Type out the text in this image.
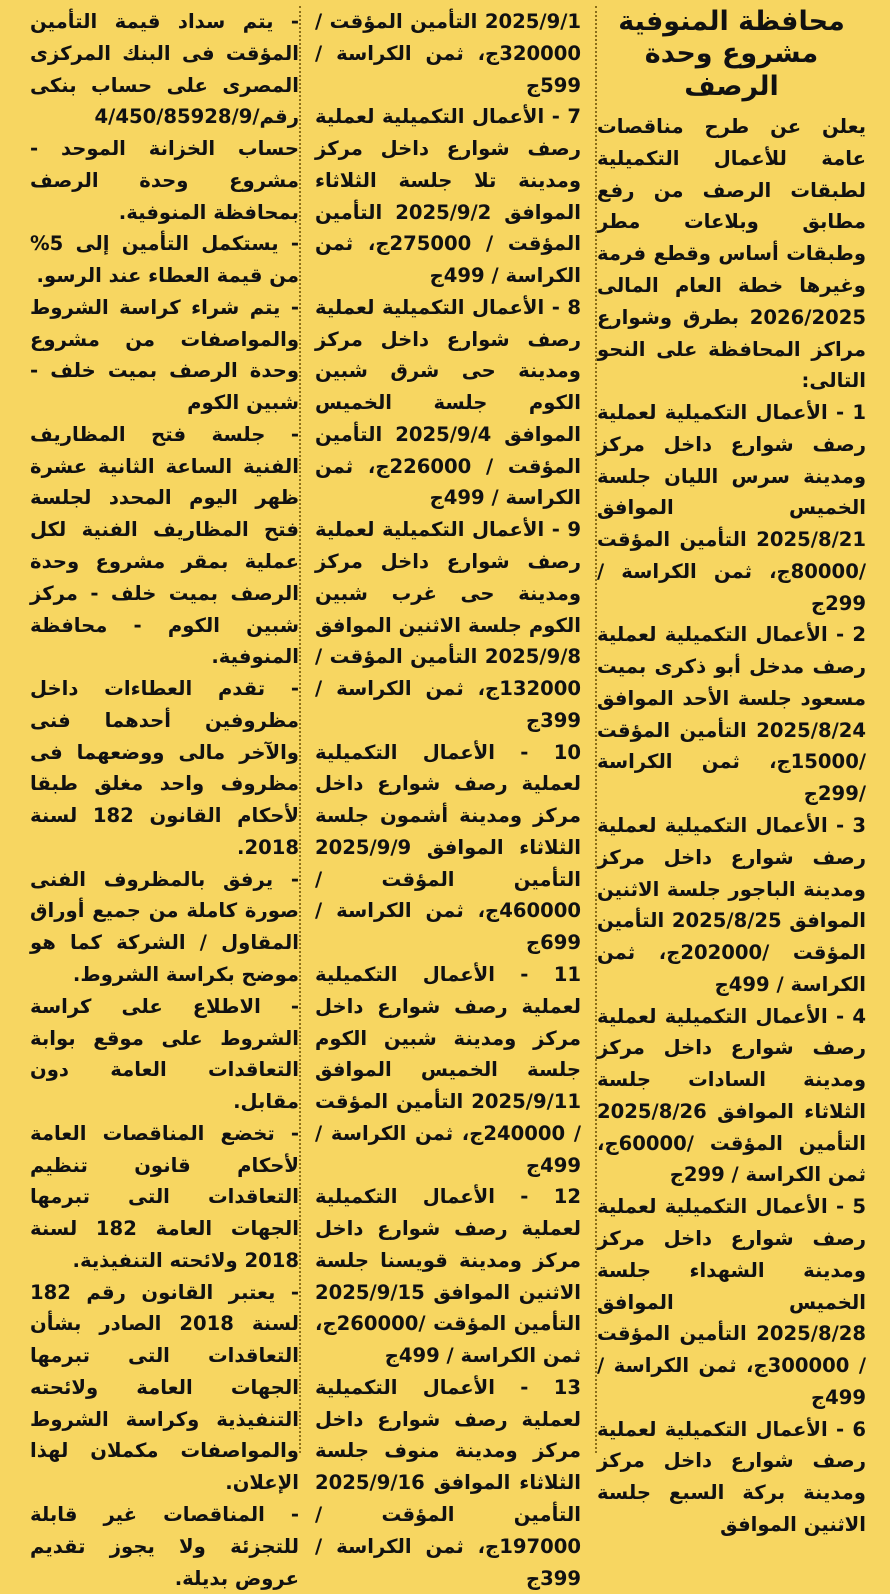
محافظة المنوفية
مشروع وحدة الرصف

يعلن عن طرح مناقصات عامة للأعمال التكميلية لطبقات الرصف من رفع مطابق وبلاعات مطر وطبقات أساس وقطع فرمة وغيرها خطة العام المالى 2026/2025 بطرق وشوارع مراكز المحافظة على النحو التالى:

1 - الأعمال التكميلية لعملية رصف شوارع داخل مركز ومدينة سرس الليان جلسة الخميس الموافق 2025/8/21 التأمين المؤقت /80000ج، ثمن الكراسة / 299ج

2 - الأعمال التكميلية لعملية رصف مدخل أبو ذكرى بميت مسعود جلسة الأحد الموافق 2025/8/24 التأمين المؤقت /15000ج، ثمن الكراسة /299ج

3 - الأعمال التكميلية لعملية رصف شوارع داخل مركز ومدينة الباجور جلسة الاثنين الموافق 2025/8/25 التأمين المؤقت /202000ج، ثمن الكراسة / 499ج

4 - الأعمال التكميلية لعملية رصف شوارع داخل مركز ومدينة السادات جلسة الثلاثاء الموافق 2025/8/26 التأمين المؤقت /60000ج، ثمن الكراسة / 299ج

5 - الأعمال التكميلية لعملية رصف شوارع داخل مركز ومدينة الشهداء جلسة الخميس الموافق 2025/8/28 التأمين المؤقت / 300000ج، ثمن الكراسة / 499ج

6 - الأعمال التكميلية لعملية رصف شوارع داخل مركز ومدينة بركة السبع جلسة الاثنين الموافق

2025/9/1 التأمين المؤقت / 320000ج، ثمن الكراسة / 599ج

7 - الأعمال التكميلية لعملية رصف شوارع داخل مركز ومدينة تلا جلسة الثلاثاء الموافق 2025/9/2 التأمين المؤقت / 275000ج، ثمن الكراسة / 499ج

8 - الأعمال التكميلية لعملية رصف شوارع داخل مركز ومدينة حى شرق شبين الكوم جلسة الخميس الموافق 2025/9/4 التأمين المؤقت / 226000ج، ثمن الكراسة / 499ج

9 - الأعمال التكميلية لعملية رصف شوارع داخل مركز ومدينة حى غرب شبين الكوم جلسة الاثنين الموافق 2025/9/8 التأمين المؤقت / 132000ج، ثمن الكراسة / 399ج

10 - الأعمال التكميلية لعملية رصف شوارع داخل مركز ومدينة أشمون جلسة الثلاثاء الموافق 2025/9/9 التأمين المؤقت / 460000ج، ثمن الكراسة / 699ج

11 - الأعمال التكميلية لعملية رصف شوارع داخل مركز ومدينة شبين الكوم جلسة الخميس الموافق 2025/9/11 التأمين المؤقت / 240000ج، ثمن الكراسة / 499ج

12 - الأعمال التكميلية لعملية رصف شوارع داخل مركز ومدينة قويسنا جلسة الاثنين الموافق 2025/9/15 التأمين المؤقت /260000ج، ثمن الكراسة / 499ج

13 - الأعمال التكميلية لعملية رصف شوارع داخل مركز ومدينة منوف جلسة الثلاثاء الموافق 2025/9/16 التأمين المؤقت / 197000ج، ثمن الكراسة / 399ج

- يتم سداد قيمة التأمين المؤقت فى البنك المركزى المصرى على حساب بنكى رقم/4/450/85928/9 حساب الخزانة الموحد - مشروع وحدة الرصف بمحافظة المنوفية.

- يستكمل التأمين إلى 5% من قيمة العطاء عند الرسو.

- يتم شراء كراسة الشروط والمواصفات من مشروع وحدة الرصف بميت خلف - شبين الكوم

- جلسة فتح المظاريف الفنية الساعة الثانية عشرة ظهر اليوم المحدد لجلسة فتح المظاريف الفنية لكل عملية بمقر مشروع وحدة الرصف بميت خلف - مركز شبين الكوم - محافظة المنوفية.

- تقدم العطاءات داخل مظروفين أحدهما فنى والآخر مالى ووضعهما فى مظروف واحد مغلق طبقا لأحكام القانون 182 لسنة 2018.

- يرفق بالمظروف الفنى صورة كاملة من جميع أوراق المقاول / الشركة كما هو موضح بكراسة الشروط.

- الاطلاع على كراسة الشروط على موقع بوابة التعاقدات العامة دون مقابل.

- تخضع المناقصات العامة لأحكام قانون تنظيم التعاقدات التى تبرمها الجهات العامة 182 لسنة 2018 ولائحته التنفيذية.

- يعتبر القانون رقم 182 لسنة 2018 الصادر بشأن التعاقدات التى تبرمها الجهات العامة ولائحته التنفيذية وكراسة الشروط والمواصفات مكملان لهذا الإعلان.

- المناقصات غير قابلة للتجزئة ولا يجوز تقديم عروض بديلة.
